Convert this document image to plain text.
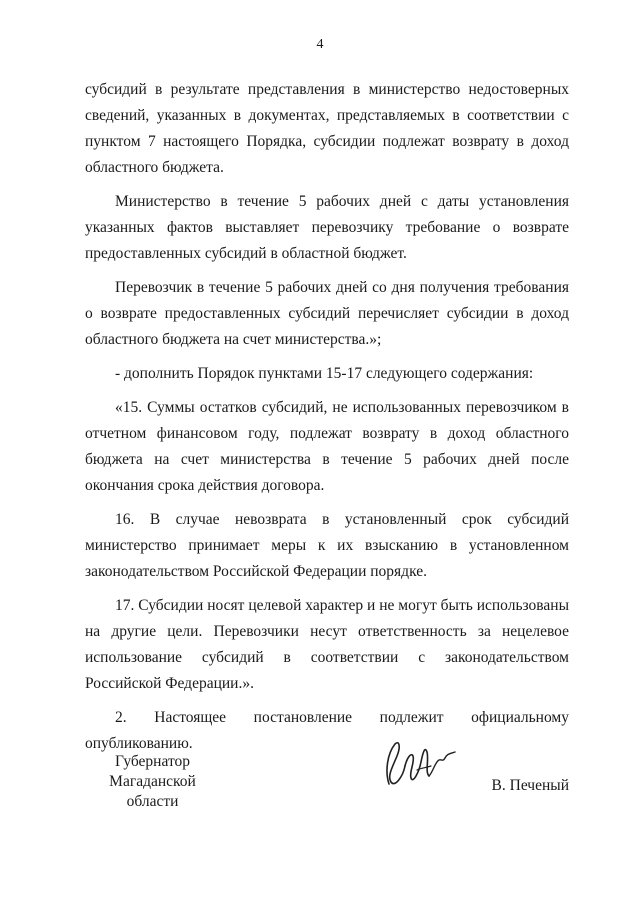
4

субсидий в результате представления в министерство недостоверных сведений, указанных в документах, представляемых в соответствии с пунктом 7 настоящего Порядка, субсидии подлежат возврату в доход областного бюджета.

Министерство в течение 5 рабочих дней с даты установления указанных фактов выставляет перевозчику требование о возврате предоставленных субсидий в областной бюджет.

Перевозчик в течение 5 рабочих дней со дня получения требования о возврате предоставленных субсидий перечисляет субсидии в доход областного бюджета на счет министерства.»;

- дополнить Порядок пунктами 15-17 следующего содержания:

«15. Суммы остатков субсидий, не использованных перевозчиком в отчетном финансовом году, подлежат возврату в доход областного бюджета на счет министерства в течение 5 рабочих дней после окончания срока действия договора.

16. В случае невозврата в установленный срок субсидий министерство принимает меры к их взысканию в установленном законодательством Российской Федерации порядке.

17. Субсидии носят целевой характер и не могут быть использованы на другие цели. Перевозчики несут ответственность за нецелевое использование субсидий в соответствии с законодательством Российской Федерации.».

2. Настоящее постановление подлежит официальному опубликованию.

Губернатор
Магаданской области
В. Печеный
